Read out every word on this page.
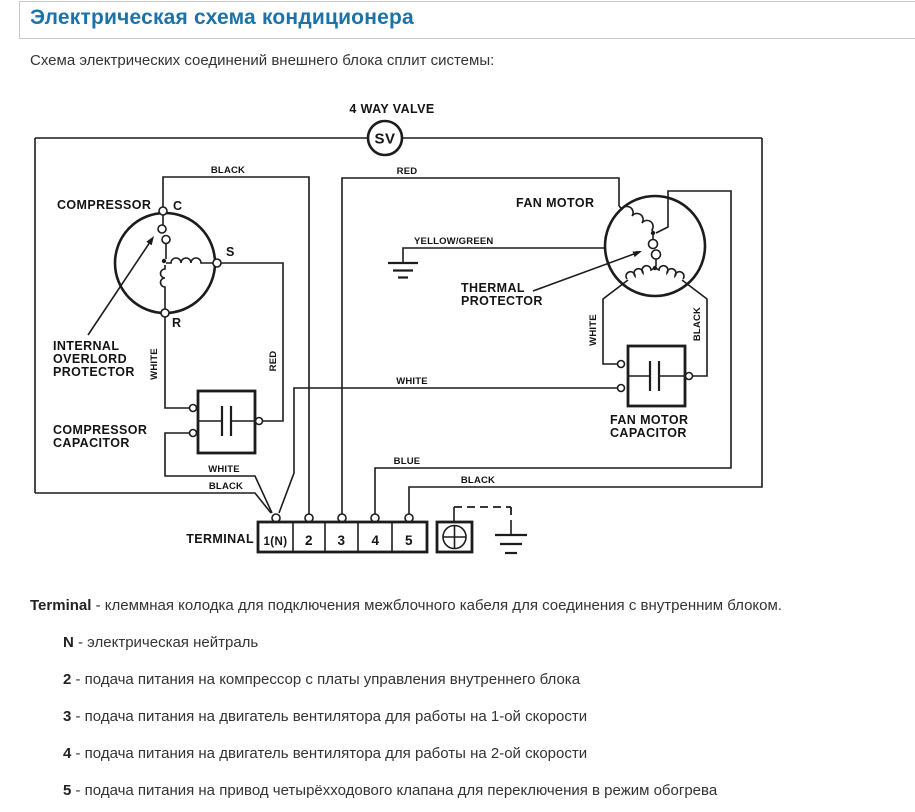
Электрическая схема кондиционера

Схема электрических соединений внешнего блока сплит системы:

4 WAY VALVE
SV
COMPRESSOR C
S
R
INTERNAL
OVERLORD
PROTECTOR
COMPRESSOR
CAPACITOR
FAN MOTOR
THERMAL
PROTECTOR
FAN MOTOR
CAPACITOR
BLACK	RED
YELLOW/GREEN
WHITE	RED
WHITE
WHITE
BLACK
BLUE
BLACK
WHITE	BLACK
TERMINAL 1(N) 2 3 4 5

Terminal - клеммная колодка для подключения межблочного кабеля для соединения с внутренним блоком.

N - электрическая нейтраль

2 - подача питания на компрессор с платы управления внутреннего блока

3 - подача питания на двигатель вентилятора для работы на 1-ой скорости

4 - подача питания на двигатель вентилятора для работы на 2-ой скорости

5 - подача питания на привод четырёхходового клапана для переключения в режим обогрева
